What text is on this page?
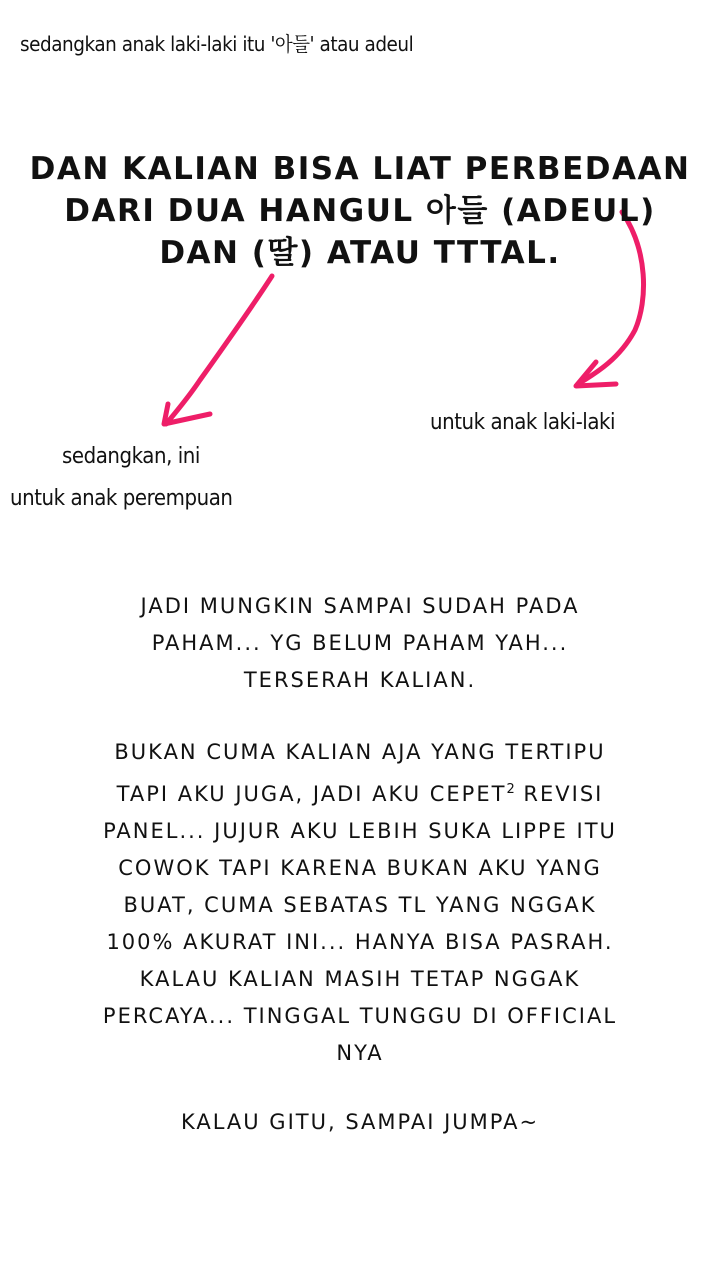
sedangkan anak laki-laki itu '아들' atau adeul
DAN KALIAN BISA LIAT PERBEDAAN
DARI DUA HANGUL 아들 (ADEUL)
DAN (딸) ATAU TTTAL.
untuk anak laki-laki
sedangkan, ini
untuk anak perempuan
JADI MUNGKIN SAMPAI SUDAH PADA
PAHAM... YG BELUM PAHAM YAH...
TERSERAH KALIAN.
BUKAN CUMA KALIAN AJA YANG TERTIPU
TAPI AKU JUGA, JADI AKU CEPET$^2$ REVISI
PANEL... JUJUR AKU LEBIH SUKA LIPPE ITU
COWOK TAPI KARENA BUKAN AKU YANG
BUAT, CUMA SEBATAS TL YANG NGGAK
100% AKURAT INI... HANYA BISA PASRAH.
KALAU KALIAN MASIH TETAP NGGAK
PERCAYA... TINGGAL TUNGGU DI OFFICIAL
NYA
KALAU GITU, SAMPAI JUMPA~
